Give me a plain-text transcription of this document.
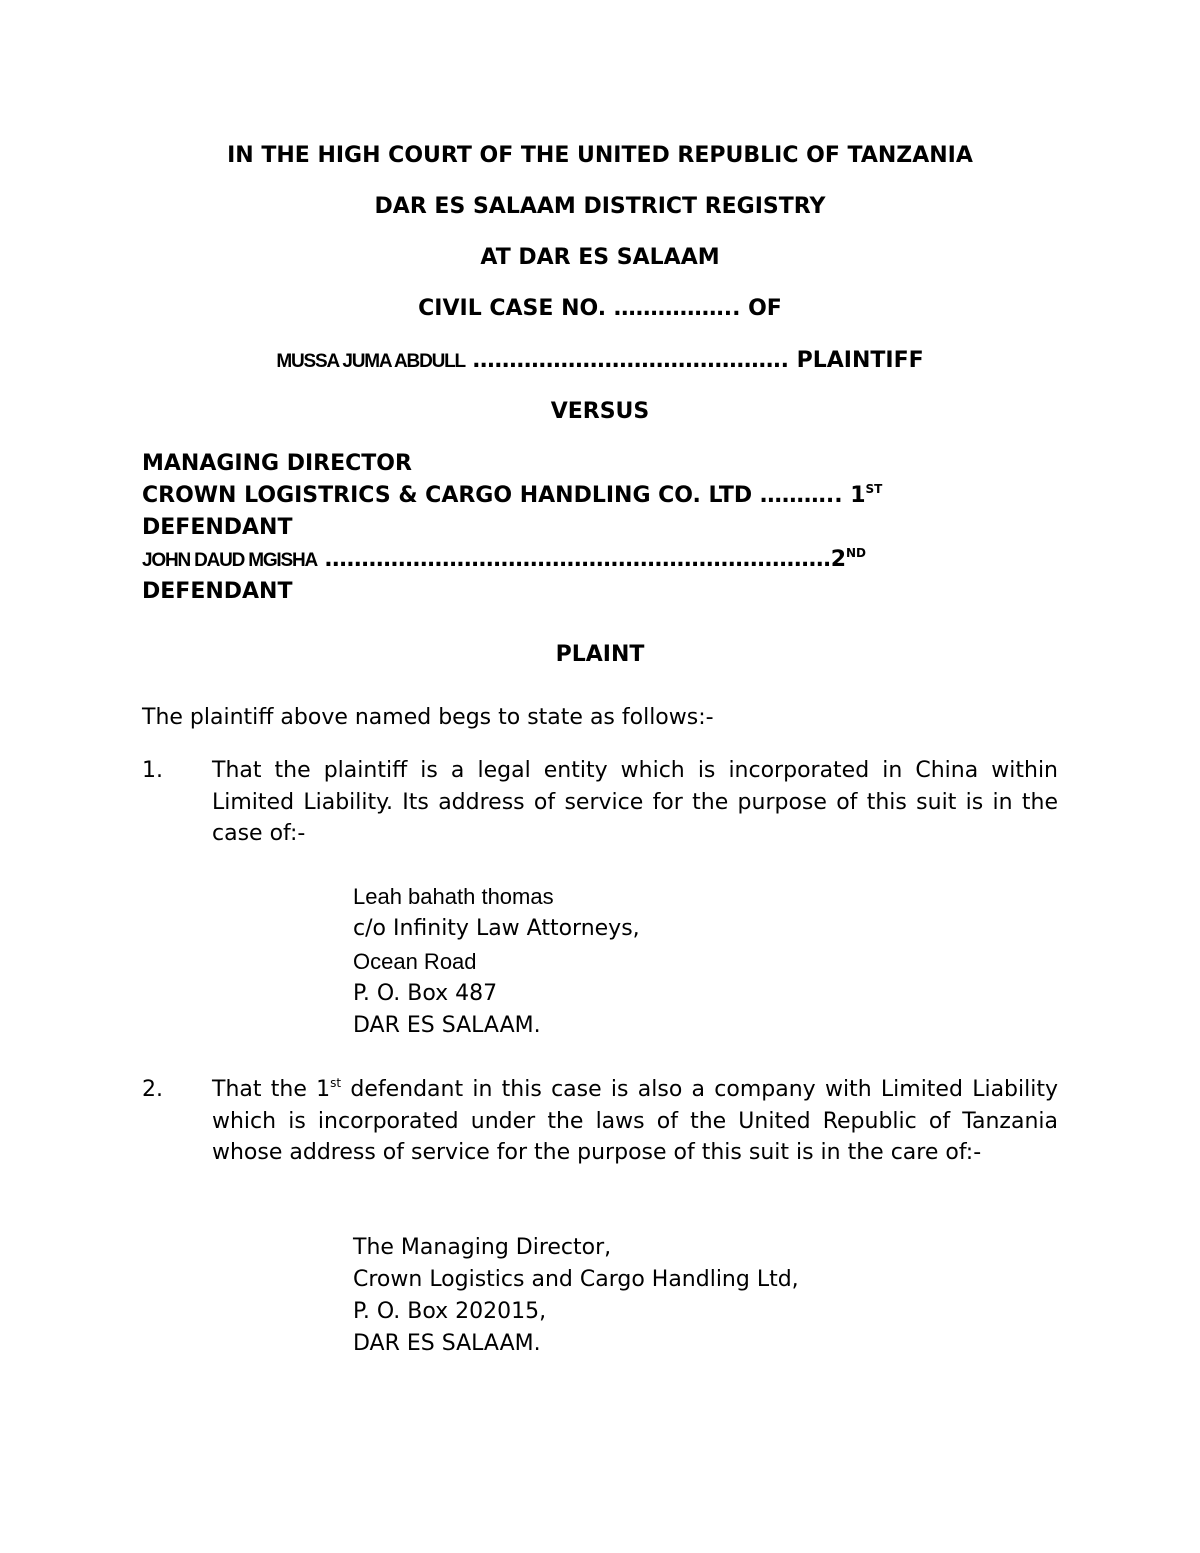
IN THE HIGH COURT OF THE UNITED REPUBLIC OF TANZANIA
DAR ES SALAAM DISTRICT REGISTRY
AT DAR ES SALAAM
CIVIL CASE NO. …………….. OF
MUSSA JUMA ABDULL ……………………………………. PLAINTIFF
VERSUS
MANAGING DIRECTOR
CROWN LOGISTRICS & CARGO HANDLING CO. LTD ……….. 1ST
DEFENDANT
JOHN DAUD MGISHA ……………………………………………………………2ND
DEFENDANT
PLAINT
The plaintiff above named begs to state as follows:-
1. That the plaintiff is a legal entity which is incorporated in China within Limited Liability. Its address of service for the purpose of this suit is in the case of:-
Leah bahath thomas
c/o Infinity Law Attorneys,
Ocean Road
P. O. Box 487
DAR ES SALAAM.
2. That the 1st defendant in this case is also a company with Limited Liability which is incorporated under the laws of the United Republic of Tanzania whose address of service for the purpose of this suit is in the care of:-
The Managing Director,
Crown Logistics and Cargo Handling Ltd,
P. O. Box 202015,
DAR ES SALAAM.
